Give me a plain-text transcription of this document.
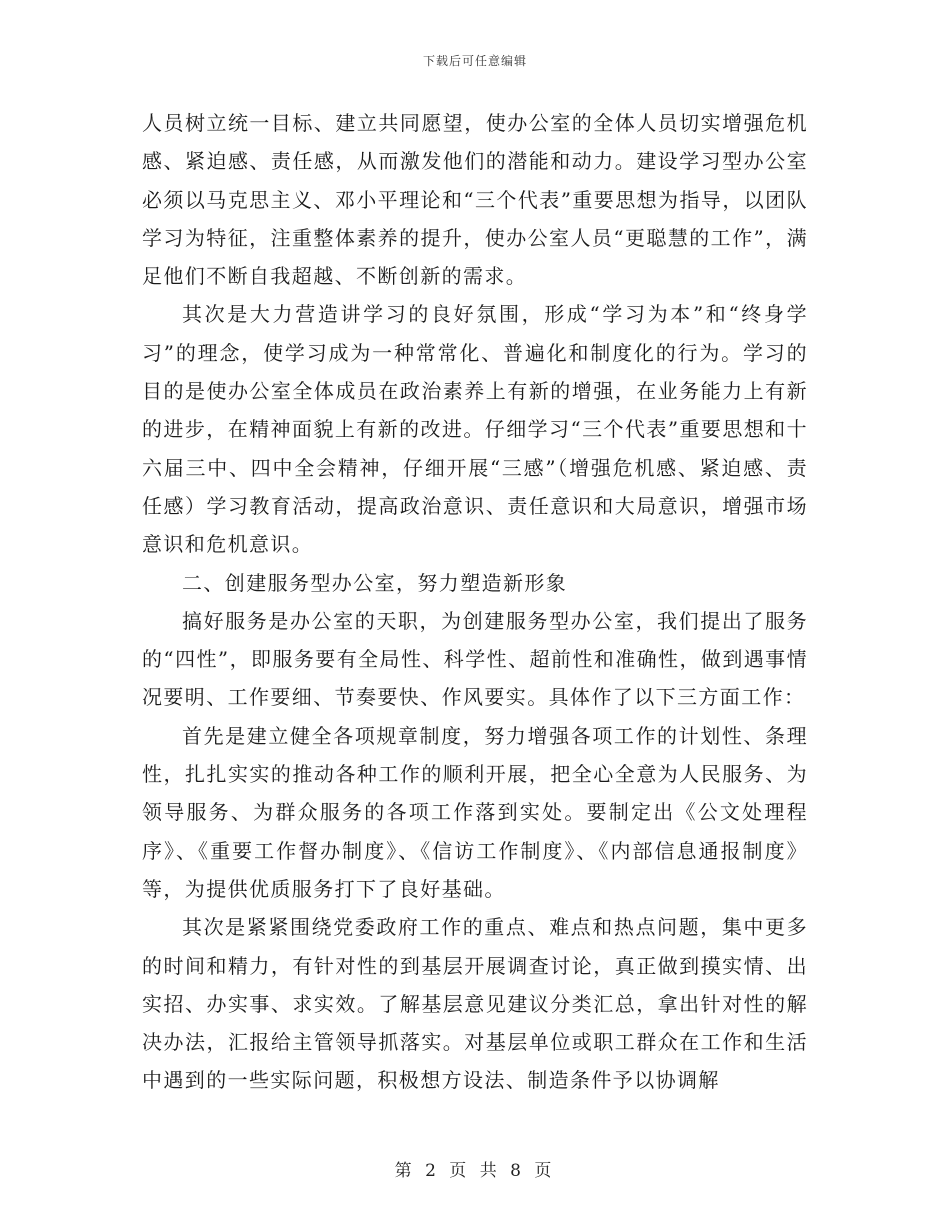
下载后可任意编辑

人员树立统一目标、建立共同愿望，使办公室的全体人员切实增强危机感、紧迫感、责任感，从而激发他们的潜能和动力。建设学习型办公室必须以马克思主义、邓小平理论和“三个代表”重要思想为指导，以团队学习为特征，注重整体素养的提升，使办公室人员“更聪慧的工作”，满足他们不断自我超越、不断创新的需求。

其次是大力营造讲学习的良好氛围，形成“学习为本”和“终身学习”的理念，使学习成为一种常常化、普遍化和制度化的行为。学习的目的是使办公室全体成员在政治素养上有新的增强，在业务能力上有新的进步，在精神面貌上有新的改进。仔细学习“三个代表”重要思想和十六届三中、四中全会精神，仔细开展“三感”（增强危机感、紧迫感、责任感）学习教育活动，提高政治意识、责任意识和大局意识，增强市场意识和危机意识。

二、创建服务型办公室，努力塑造新形象

搞好服务是办公室的天职，为创建服务型办公室，我们提出了服务的“四性”，即服务要有全局性、科学性、超前性和准确性，做到遇事情况要明、工作要细、节奏要快、作风要实。具体作了以下三方面工作：

首先是建立健全各项规章制度，努力增强各项工作的计划性、条理性，扎扎实实的推动各种工作的顺利开展，把全心全意为人民服务、为领导服务、为群众服务的各项工作落到实处。要制定出《公文处理程序》、《重要工作督办制度》、《信访工作制度》、《内部信息通报制度》等，为提供优质服务打下了良好基础。

其次是紧紧围绕党委政府工作的重点、难点和热点问题，集中更多的时间和精力，有针对性的到基层开展调查讨论，真正做到摸实情、出实招、办实事、求实效。了解基层意见建议分类汇总，拿出针对性的解决办法，汇报给主管领导抓落实。对基层单位或职工群众在工作和生活中遇到的一些实际问题，积极想方设法、制造条件予以协调解

第 2 页 共 8 页
